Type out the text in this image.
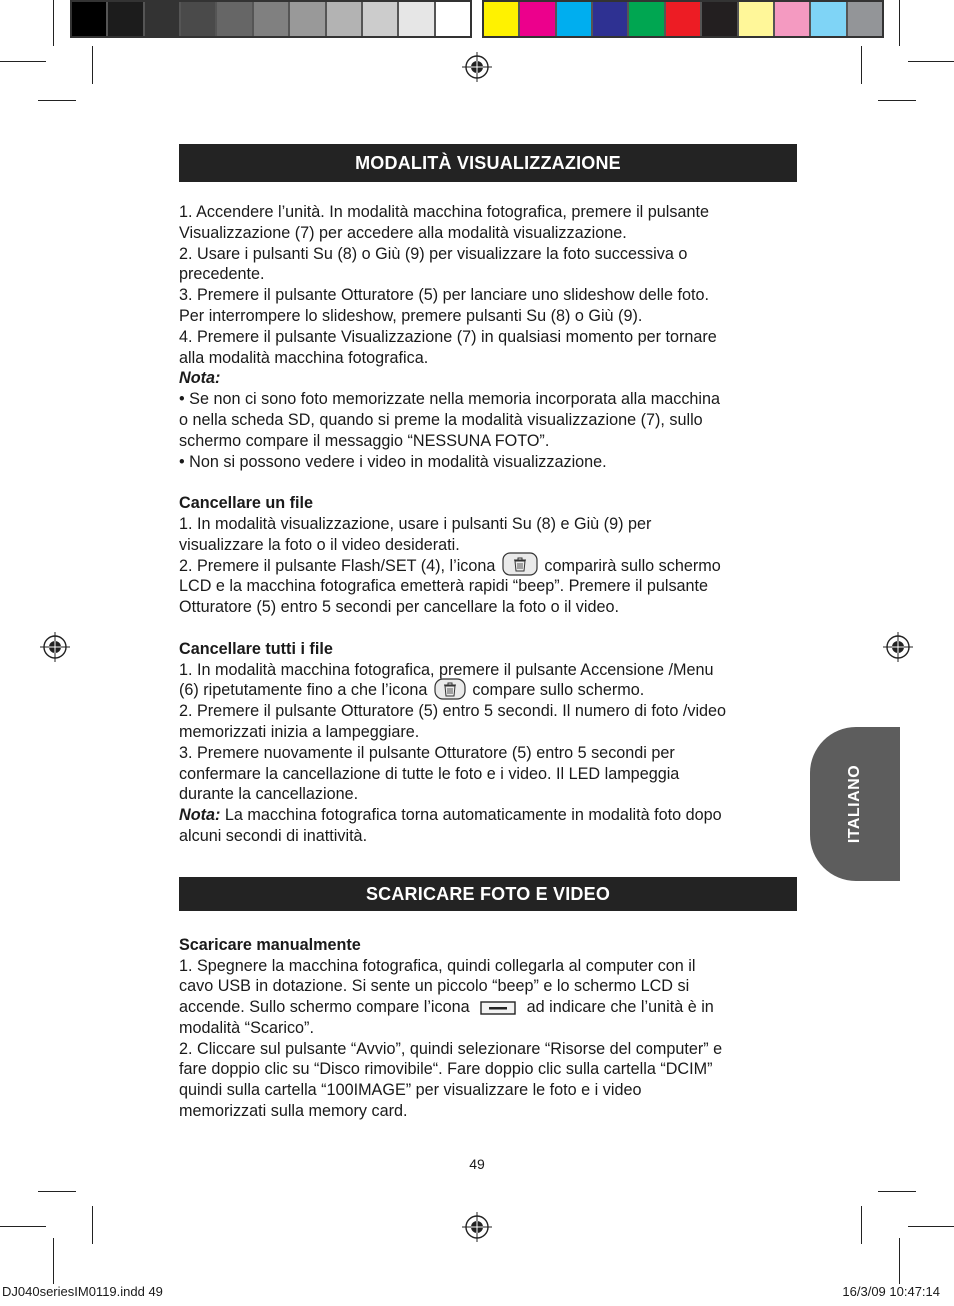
MODALITÀ VISUALIZZAZIONE

1. Accendere l’unità. In modalità macchina fotografica, premere il pulsante

Visualizzazione (7) per accedere alla modalità visualizzazione.

2. Usare i pulsanti Su (8) o Giù (9) per visualizzare la foto successiva o

precedente.

3. Premere il pulsante Otturatore (5) per lanciare uno slideshow delle foto.

Per interrompere lo slideshow, premere pulsanti Su (8) o Giù (9).

4. Premere il pulsante Visualizzazione (7) in qualsiasi momento per tornare

alla modalità macchina fotografica.

Nota:

• Se non ci sono foto memorizzate nella memoria incorporata alla macchina

o nella scheda SD, quando si preme la modalità visualizzazione (7), sullo

schermo compare il messaggio “NESSUNA FOTO”.

• Non si possono vedere i video in modalità visualizzazione.

Cancellare un file

1. In modalità visualizzazione, usare i pulsanti Su (8) e Giù (9) per

visualizzare la foto o il video desiderati.

2. Premere il pulsante Flash/SET (4), l’icona	comparirà sullo schermo

LCD e la macchina fotografica emetterà rapidi “beep”. Premere il pulsante

Otturatore (5) entro 5 secondi per cancellare la foto o il video.

Cancellare tutti i file

1. In modalità macchina fotografica, premere il pulsante Accensione /Menu

(6) ripetutamente fino a che l’icona	compare sullo schermo.

2. Premere il pulsante Otturatore (5) entro 5 secondi. Il numero di foto /video

memorizzati inizia a lampeggiare.

3. Premere nuovamente il pulsante Otturatore (5) entro 5 secondi per

confermare la cancellazione di tutte le foto e i video. Il LED lampeggia

durante la cancellazione.

Nota: La macchina fotografica torna automaticamente in modalità foto dopo

alcuni secondi di inattività.

SCARICARE FOTO E VIDEO

Scaricare manualmente

1. Spegnere la macchina fotografica, quindi collegarla al computer con il

cavo USB in dotazione. Si sente un piccolo “beep” e lo schermo LCD si

accende. Sullo schermo compare l’icona	ad indicare che l’unità è in

modalità “Scarico”.

2. Cliccare sul pulsante “Avvio”, quindi selezionare “Risorse del computer” e

fare doppio clic su “Disco rimovibile“. Fare doppio clic sulla cartella “DCIM”

quindi sulla cartella “100IMAGE” per visualizzare le foto e i video

memorizzati sulla memory card.

ITALIANO
49
DJ040seriesIM0119.indd 49	16/3/09 10:47:14
